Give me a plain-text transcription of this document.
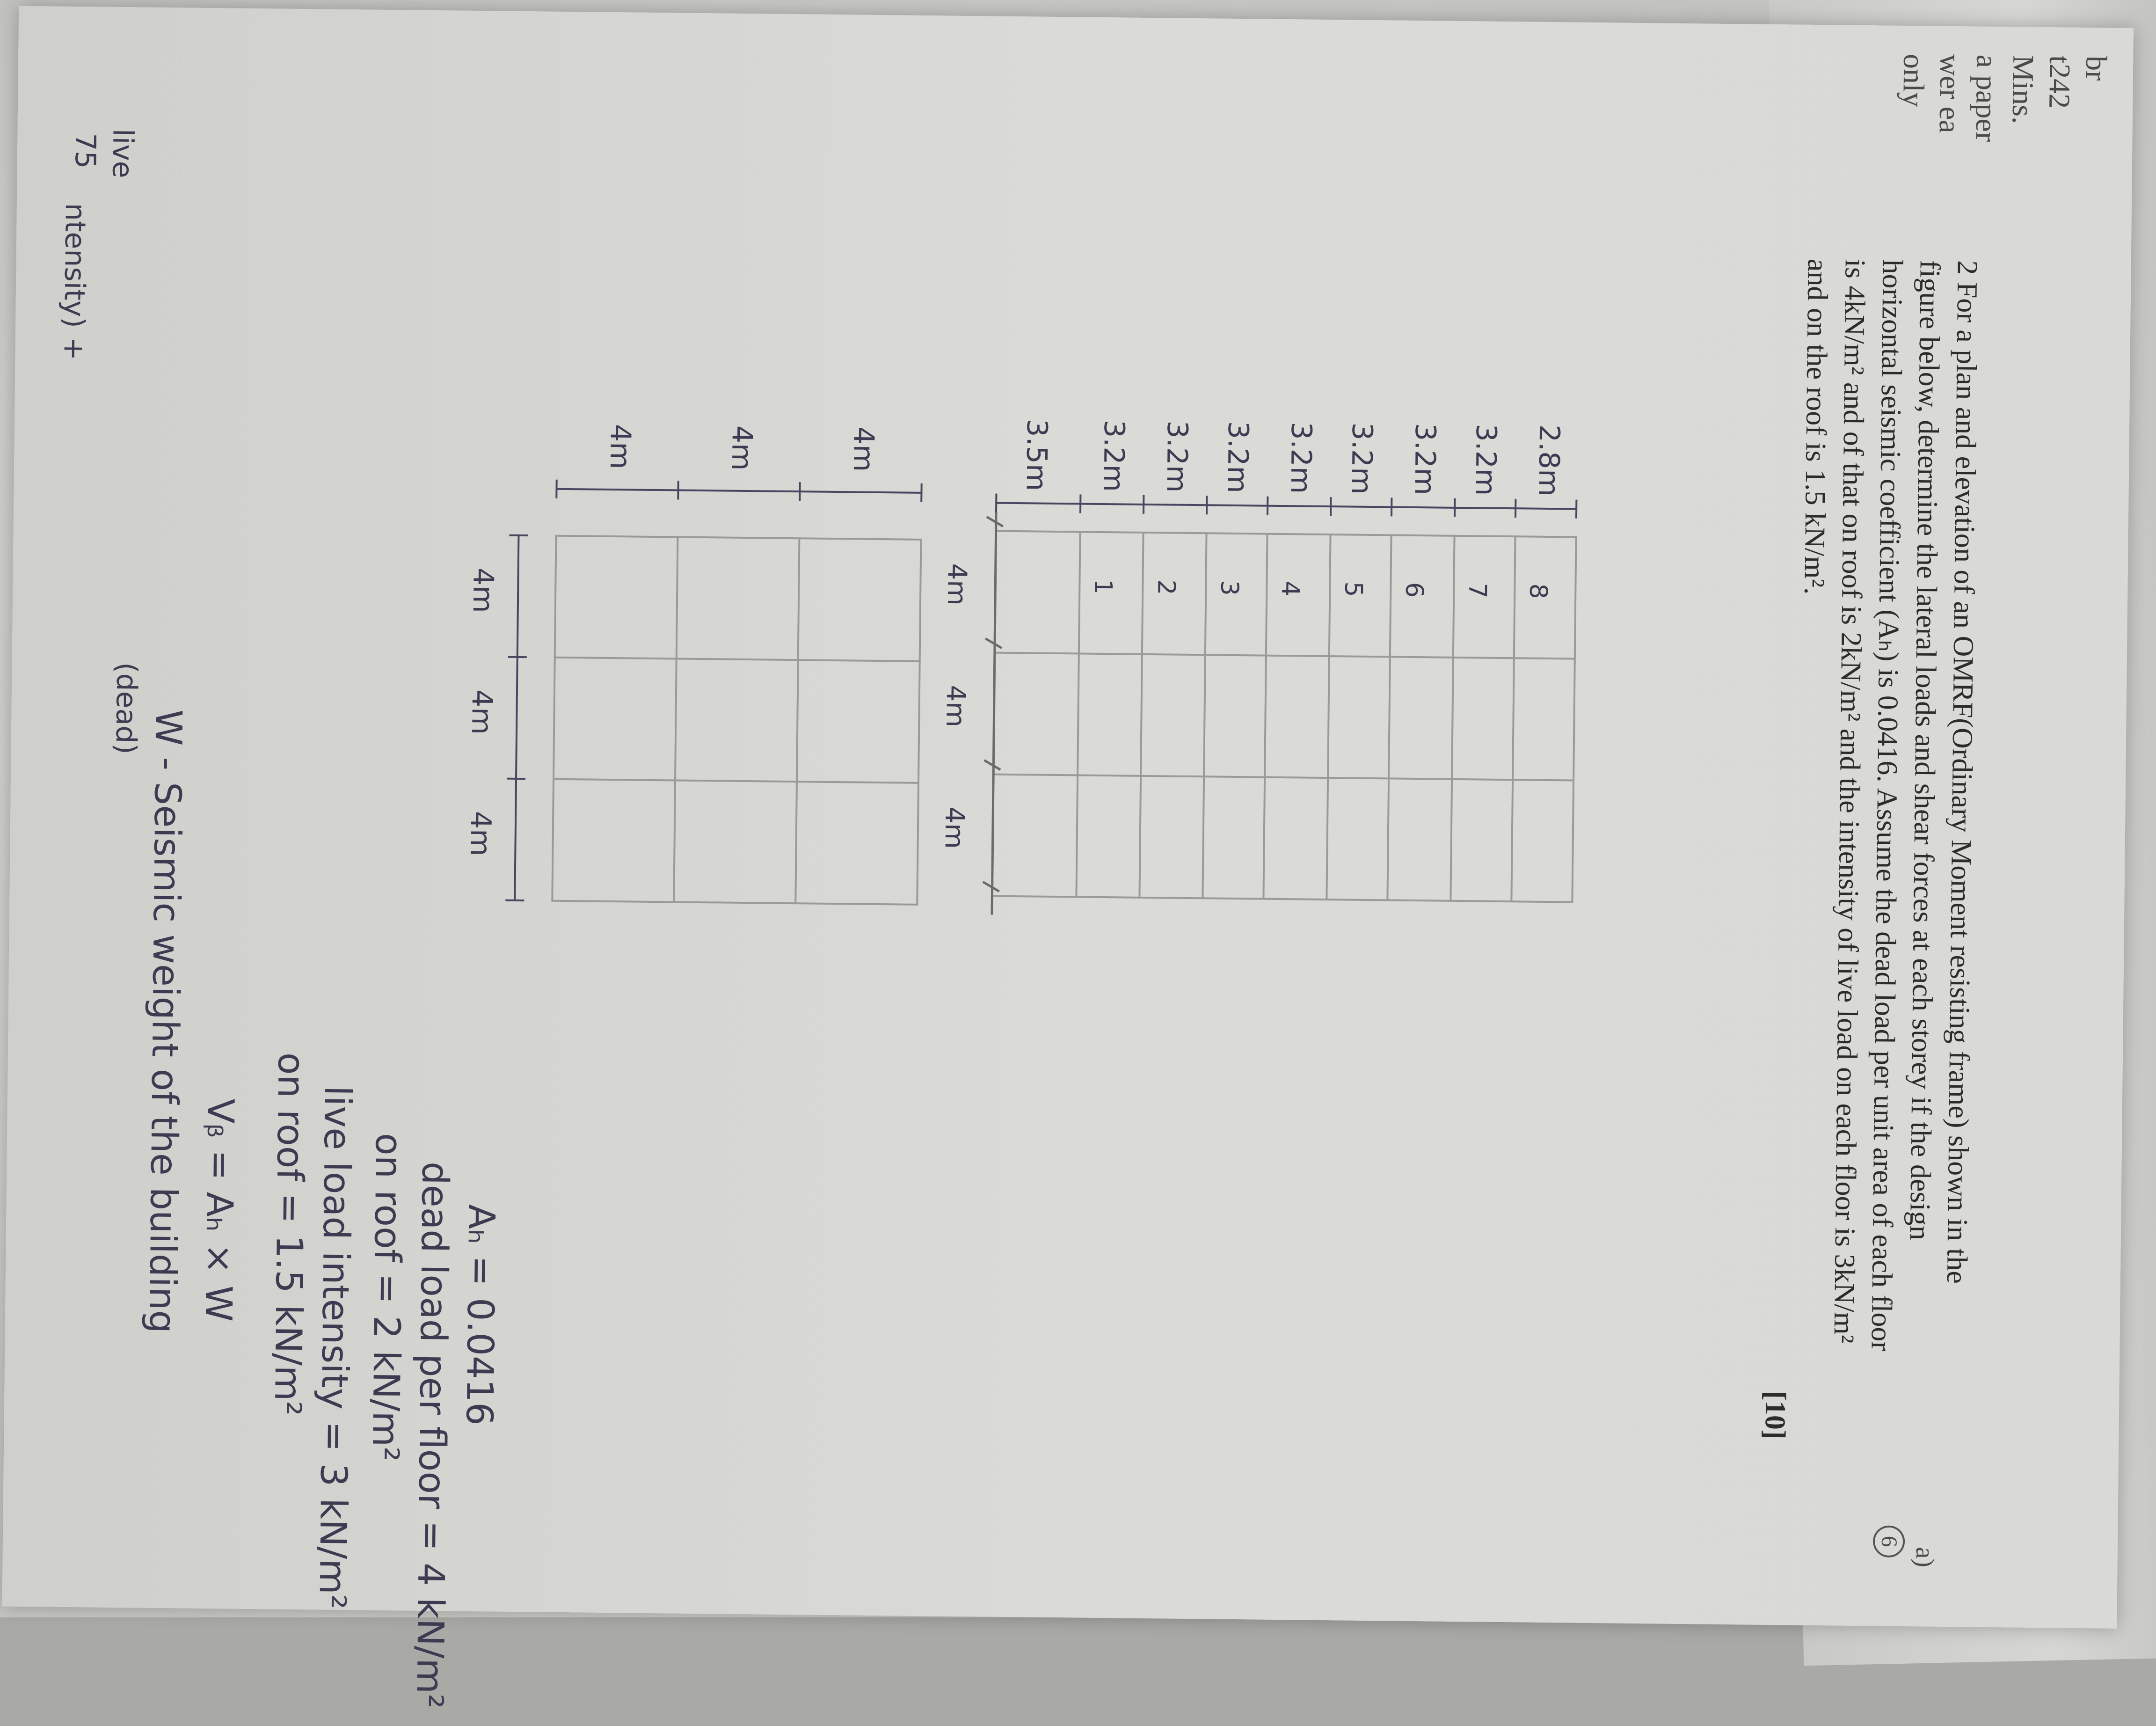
br
t242
Mins.
a paper
wer ea
only
a)
6
2 For a plan and elevation of an OMRF(Ordinary Moment resisting frame) shown in the
figure below, determine the lateral loads and shear forces at each storey if the design
horizontal seismic coefficient (Aₕ) is 0.0416. Assume the dead load per unit area of each floor
is 4kN/m² and of that on roof is 2kN/m² and the intensity of live load on each floor is 3kN/m²
and on the roof is 1.5 kN/m².
[10]
2.8m
3.2m
3.2m
3.2m
3.2m
3.2m
3.2m
3.2m
3.5m
8
7
6
5
4
3
2
1
4m
4m
4m
4m
4m
4m
4m
4m
4m
Aₕ = 0.0416
dead load per floor = 4 kN/m²
on roof = 2 kN/m²
live load intensity = 3 kN/m²
on roof = 1.5 kN/m²
Vᵦ = Aₕ × W
W - Seismic weight of the building
(dead)
live
75
ntensity) +
